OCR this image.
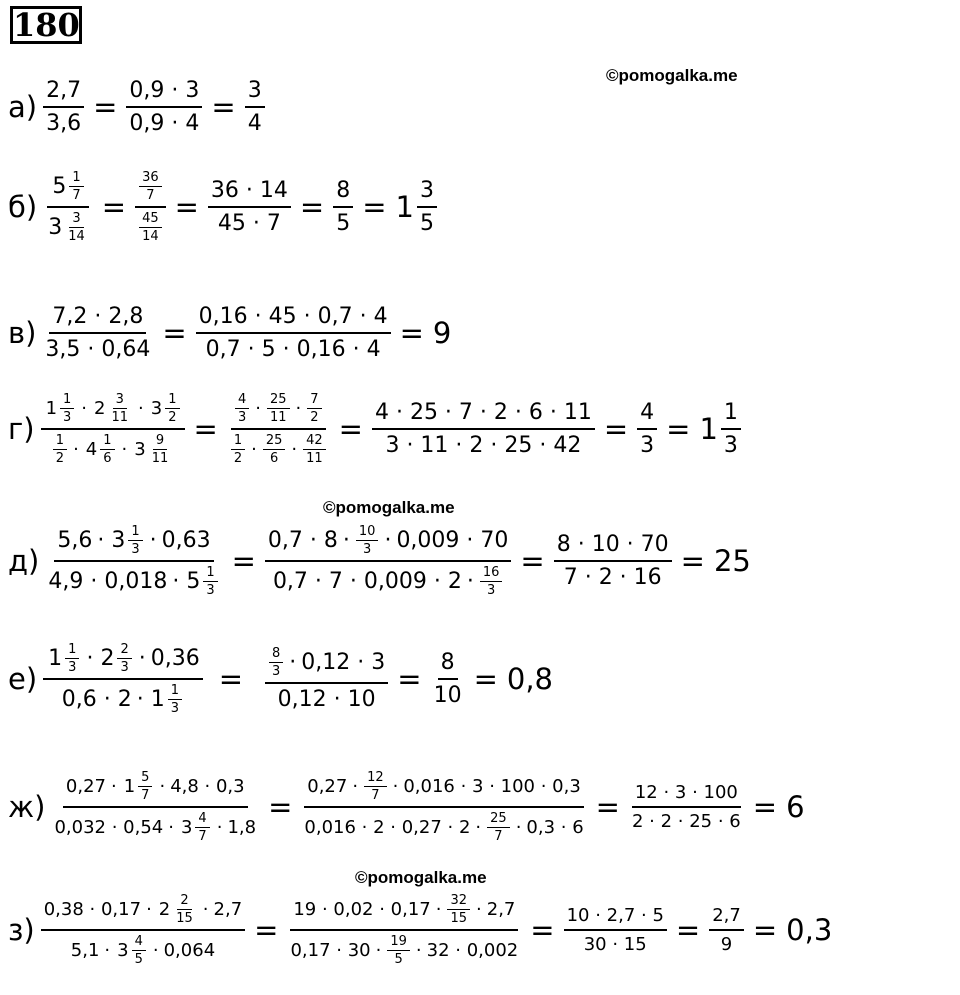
180
©pomogalka.me
©pomogalka.me
©pomogalka.me
$а) \frac{2,7}{3,6} = \frac{0,9 \cdot 3}{0,9 \cdot 4} = \frac{3}{4}$
$б) \frac{5 \frac{1}{7}}{3 \frac{3}{14}} = \frac{\frac{36}{7}}{\frac{45}{14}} = \frac{36 \cdot 14}{45 \cdot 7} = \frac{8}{5} = 1 \frac{3}{5}$
$в) \frac{7,2 \cdot 2,8}{3,5 \cdot 0,64} = \frac{0,16 \cdot 45 \cdot 0,7 \cdot 4}{0,7 \cdot 5 \cdot 0,16 \cdot 4} = 9$
$г) \frac{1 \frac{1}{3} \cdot 2 \frac{3}{11} \cdot 3 \frac{1}{2}}{\frac{1}{2} \cdot 4 \frac{1}{6} \cdot 3 \frac{9}{11}} = \frac{\frac{4}{3} \cdot \frac{25}{11} \cdot \frac{7}{2}}{\frac{1}{2} \cdot \frac{25}{6} \cdot \frac{42}{11}} = \frac{4 \cdot 25 \cdot 7 \cdot 2 \cdot 6 \cdot 11}{3 \cdot 11 \cdot 2 \cdot 25 \cdot 42} = \frac{4}{3} = 1 \frac{1}{3}$
$д) \frac{5,6 \cdot 3 \frac{1}{3} \cdot 0,63}{4,9 \cdot 0,018 \cdot 5 \frac{1}{3}} = \frac{0,7 \cdot 8 \cdot \frac{10}{3} \cdot 0,009 \cdot 70}{0,7 \cdot 7 \cdot 0,009 \cdot 2 \cdot \frac{16}{3}} = \frac{8 \cdot 10 \cdot 70}{7 \cdot 2 \cdot 16} = 25$
$е) \frac{1 \frac{1}{3} \cdot 2 \frac{2}{3} \cdot 0,36}{0,6 \cdot 2 \cdot 1 \frac{1}{3}} = \frac{\frac{8}{3} \cdot 0,12 \cdot 3}{0,12 \cdot 10} = \frac{8}{10} = 0,8$
$ж) \frac{0,27 \cdot 1 \frac{5}{7} \cdot 4,8 \cdot 0,3}{0,032 \cdot 0,54 \cdot 3 \frac{4}{7} \cdot 1,8} = \frac{0,27 \cdot \frac{12}{7} \cdot 0,016 \cdot 3 \cdot 100 \cdot 0,3}{0,016 \cdot 2 \cdot 0,27 \cdot 2 \cdot \frac{25}{7} \cdot 0,3 \cdot 6} = \frac{12 \cdot 3 \cdot 100}{2 \cdot 2 \cdot 25 \cdot 6} = 6$
$з) \frac{0,38 \cdot 0,17 \cdot 2 \frac{2}{15} \cdot 2,7}{5,1 \cdot 3 \frac{4}{5} \cdot 0,064} = \frac{19 \cdot 0,02 \cdot 0,17 \cdot \frac{32}{15} \cdot 2,7}{0,17 \cdot 30 \cdot \frac{19}{5} \cdot 32 \cdot 0,002} = \frac{10 \cdot 2,7 \cdot 5}{30 \cdot 15} = \frac{2,7}{9} = 0,3$
